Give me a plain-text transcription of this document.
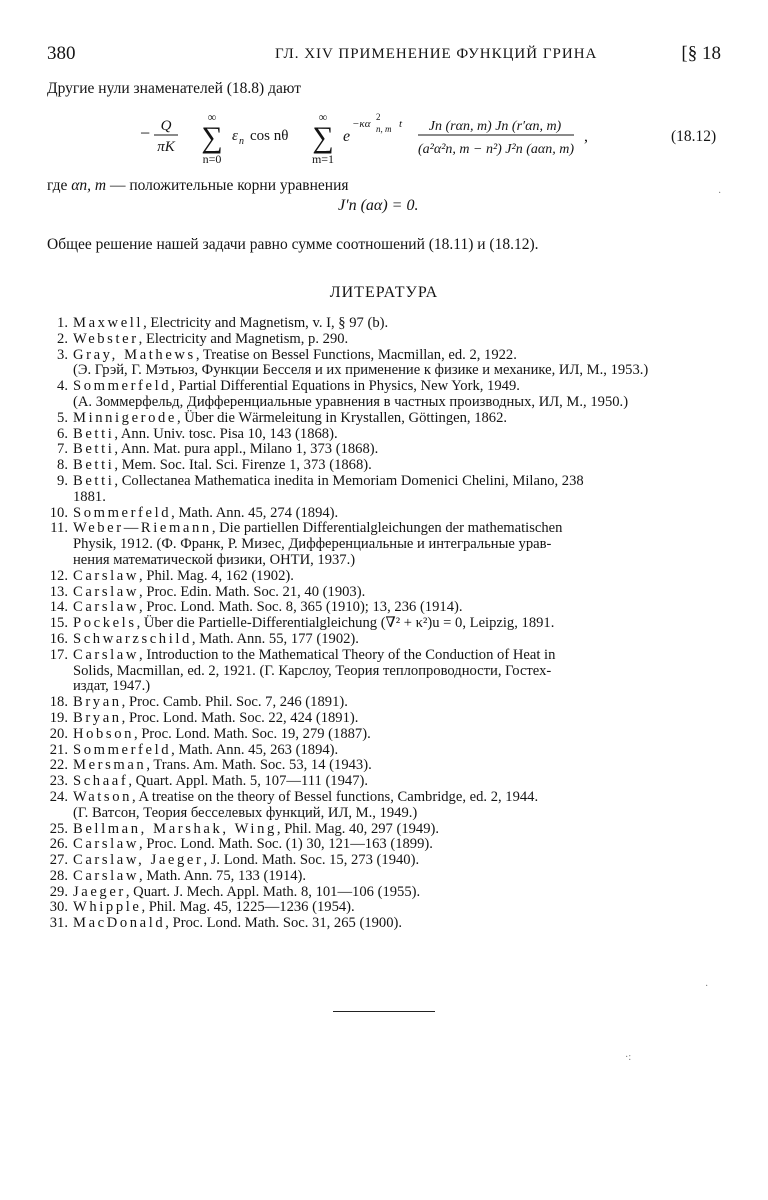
380	ГЛ. XIV ПРИМЕНЕНИЕ ФУНКЦИЙ ГРИНА	[§ 18
Другие нули знаменателей (18.8) дают
− Q
πK
∞
∑
n=0
ε n cos nθ
∞
∑
m=1
e
−κα
2
n, m t Jn (rαn, m) Jn (r′αn, m)
(a²α²n, m − n²) J²n (aαn, m)
,	(18.12)
где αn, m — положительные корни уравнения
J′n (aα) = 0.
Общее решение нашей задачи равно сумме соотношений (18.11) и (18.12).
ЛИТЕРАТУРА
1. Maxwell, Electricity and Magnetism, v. I, § 97 (b).
2. Webster, Electricity and Magnetism, p. 290.
3. Gray, Mathews, Treatise on Bessel Functions, Macmillan, ed. 2, 1922.
(Э. Грэй, Г. Мэтьюз, Функции Бесселя и их применение к физике и механике, ИЛ, М., 1953.)
4. Sommerfeld, Partial Differential Equations in Physics, New York, 1949.
(А. Зоммерфельд, Дифференциальные уравнения в частных производных, ИЛ, М., 1950.)
5. Minnigerode, Über die Wärmeleitung in Krystallen, Göttingen, 1862.
6. Betti, Ann. Univ. tosc. Pisa 10, 143 (1868).
7. Betti, Ann. Mat. pura appl., Milano 1, 373 (1868).
8. Betti, Mem. Soc. Ital. Sci. Firenze 1, 373 (1868).
9. Betti, Collectanea Mathematica inedita in Memoriam Domenici Chelini, Milano, 238
1881.
10. Sommerfeld, Math. Ann. 45, 274 (1894).
11. Weber—Riemann, Die partiellen Differentialgleichungen der mathematischen
Physik, 1912. (Ф. Франк, Р. Мизес, Дифференциальные и интегральные урав-
нения математической физики, ОНТИ, 1937.)
12. Carslaw, Phil. Mag. 4, 162 (1902).
13. Carslaw, Proc. Edin. Math. Soc. 21, 40 (1903).
14. Carslaw, Proc. Lond. Math. Soc. 8, 365 (1910); 13, 236 (1914).
15. Pockels, Über die Partielle-Differentialgleichung (∇² + κ²)u = 0, Leipzig, 1891.
16. Schwarzschild, Math. Ann. 55, 177 (1902).
17. Carslaw, Introduction to the Mathematical Theory of the Conduction of Heat in
Solids, Macmillan, ed. 2, 1921. (Г. Карслоу, Теория теплопроводности, Гостех-
издат, 1947.)
18. Bryan, Proc. Camb. Phil. Soc. 7, 246 (1891).
19. Bryan, Proc. Lond. Math. Soc. 22, 424 (1891).
20. Hobson, Proc. Lond. Math. Soc. 19, 279 (1887).
21. Sommerfeld, Math. Ann. 45, 263 (1894).
22. Mersman, Trans. Am. Math. Soc. 53, 14 (1943).
23. Schaaf, Quart. Appl. Math. 5, 107—111 (1947).
24. Watson, A treatise on the theory of Bessel functions, Cambridge, ed. 2, 1944.
(Г. Ватсон, Теория бесселевых функций, ИЛ, М., 1949.)
25. Bellman, Marshak, Wing, Phil. Mag. 40, 297 (1949).
26. Carslaw, Proc. Lond. Math. Soc. (1) 30, 121—163 (1899).
27. Carslaw, Jaeger, J. Lond. Math. Soc. 15, 273 (1940).
28. Carslaw, Math. Ann. 75, 133 (1914).
29. Jaeger, Quart. J. Mech. Appl. Math. 8, 101—106 (1955).
30. Whipple, Phil. Mag. 45, 1225—1236 (1954).
31. MacDonald, Proc. Lond. Math. Soc. 31, 265 (1900).
·
·:
·
